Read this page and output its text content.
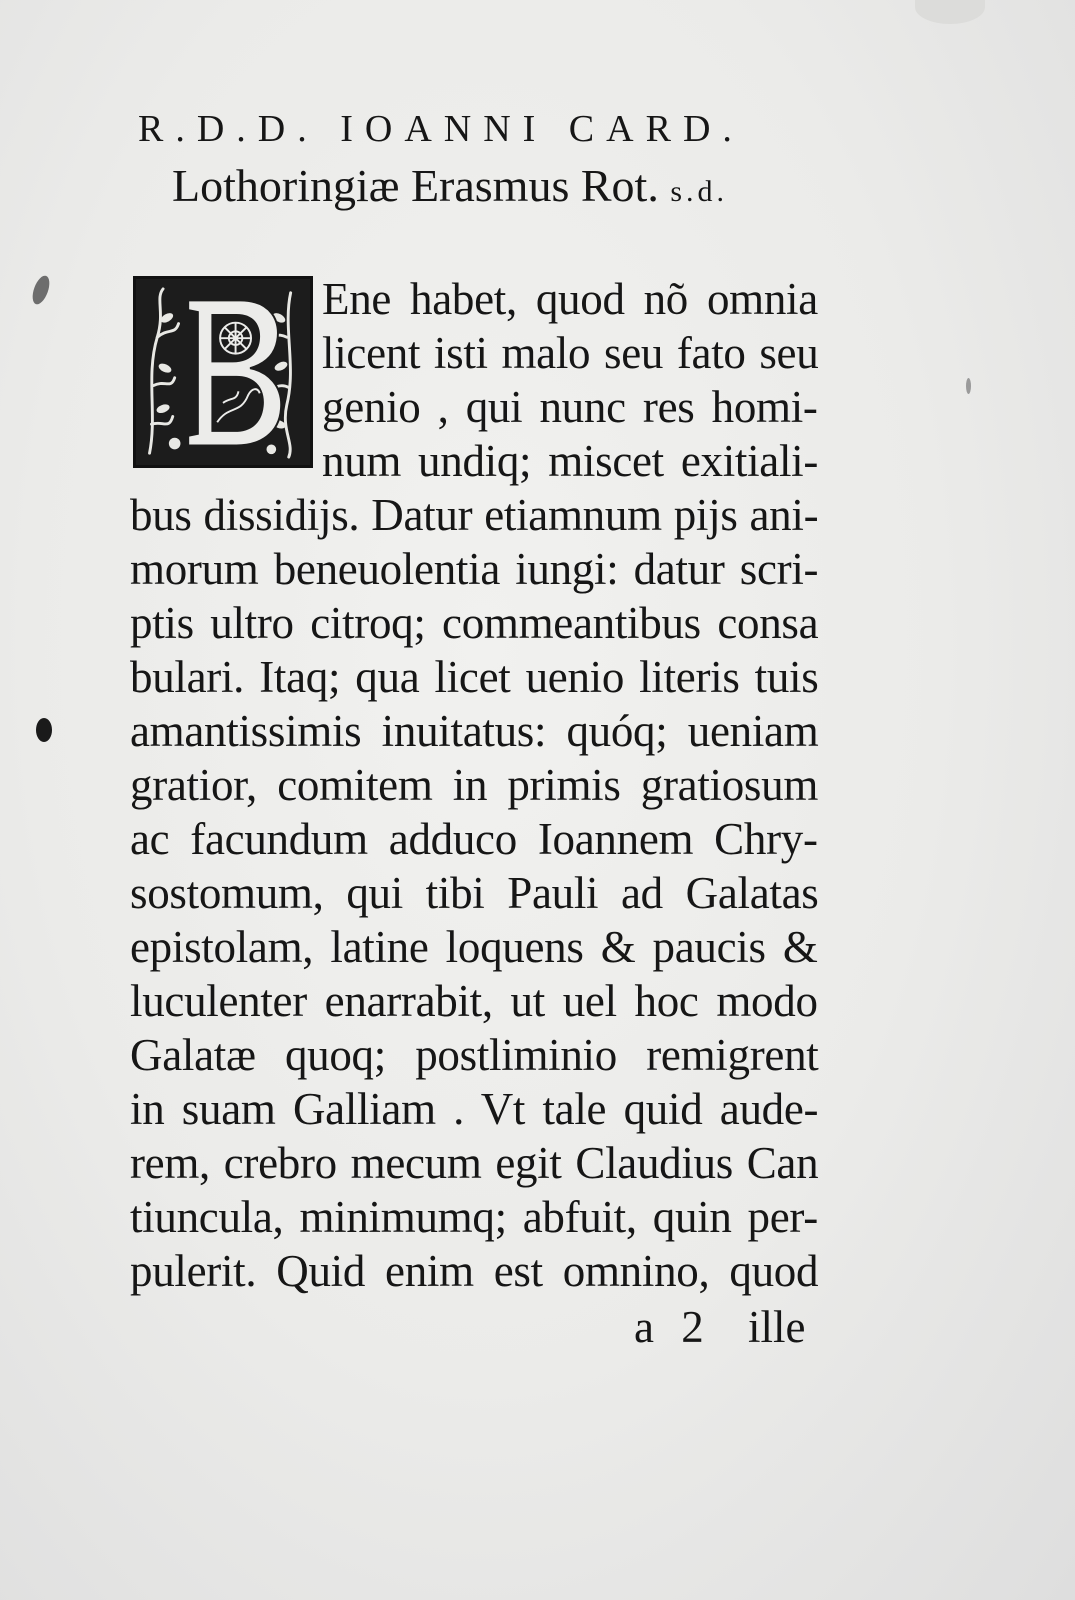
R.D.D. IOANNI CARD.
Lothoringiæ Erasmus Rot. s.d.
Ene habet, quod nõ omnia
licent isti malo seu fato seu
genio , qui nunc res homi-
num undiq; miscet exitiali-
bus dissidijs. Datur etiamnum pijs ani-
morum beneuolentia iungi: datur scri-
ptis ultro citroq; commeantibus consa
bulari. Itaq; qua licet uenio literis tuis
amantissimis inuitatus: quóq; ueniam
gratior, comitem in primis gratiosum
ac facundum adduco Ioannem Chry-
sostomum, qui tibi Pauli ad Galatas
epistolam, latine loquens & paucis &
luculenter enarrabit, ut uel hoc modo
Galatæ quoq; postliminio remigrent
in suam Galliam . Vt tale quid aude-
rem, crebro mecum egit Claudius Can
tiuncula, minimumq; abfuit, quin per-
pulerit. Quid enim est omnino, quod
a 2 ille
